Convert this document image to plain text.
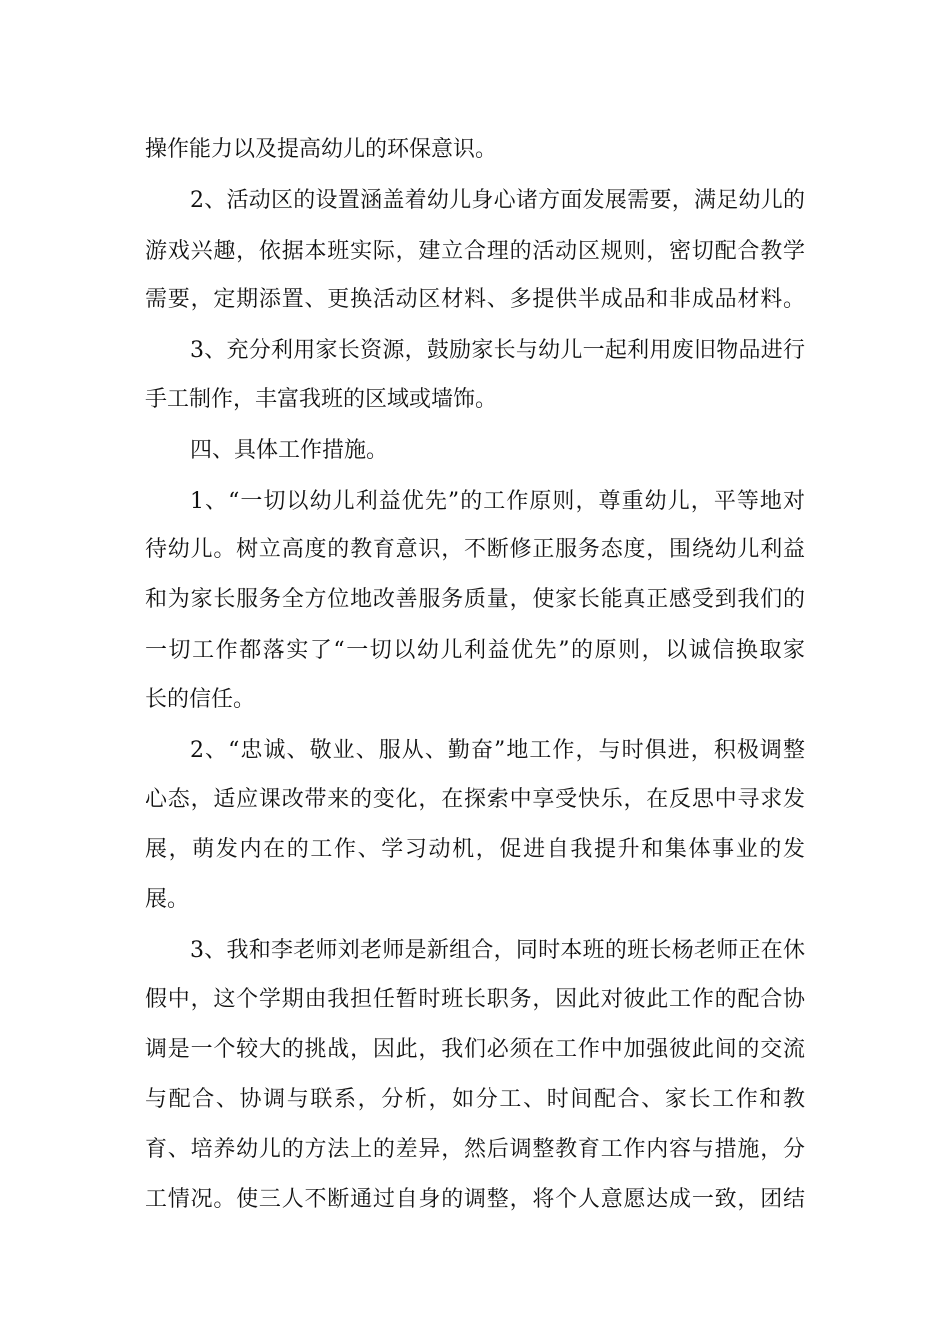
操作能力以及提高幼儿的环保意识。
2、活动区的设置涵盖着幼儿身心诸方面发展需要，满足幼儿的
游戏兴趣，依据本班实际，建立合理的活动区规则，密切配合教学
需要，定期添置、更换活动区材料、多提供半成品和非成品材料。
3、充分利用家长资源，鼓励家长与幼儿一起利用废旧物品进行
手工制作，丰富我班的区域或墙饰。
四、具体工作措施。
1、“一切以幼儿利益优先”的工作原则，尊重幼儿，平等地对
待幼儿。树立高度的教育意识，不断修正服务态度，围绕幼儿利益
和为家长服务全方位地改善服务质量，使家长能真正感受到我们的
一切工作都落实了“一切以幼儿利益优先”的原则，以诚信换取家
长的信任。
2、“忠诚、敬业、服从、勤奋”地工作，与时俱进，积极调整
心态，适应课改带来的变化，在探索中享受快乐，在反思中寻求发
展，萌发内在的工作、学习动机，促进自我提升和集体事业的发
展。
3、我和李老师刘老师是新组合，同时本班的班长杨老师正在休
假中，这个学期由我担任暂时班长职务，因此对彼此工作的配合协
调是一个较大的挑战，因此，我们必须在工作中加强彼此间的交流
与配合、协调与联系，分析，如分工、时间配合、家长工作和教
育、培养幼儿的方法上的差异，然后调整教育工作内容与措施，分
工情况。使三人不断通过自身的调整，将个人意愿达成一致，团结
